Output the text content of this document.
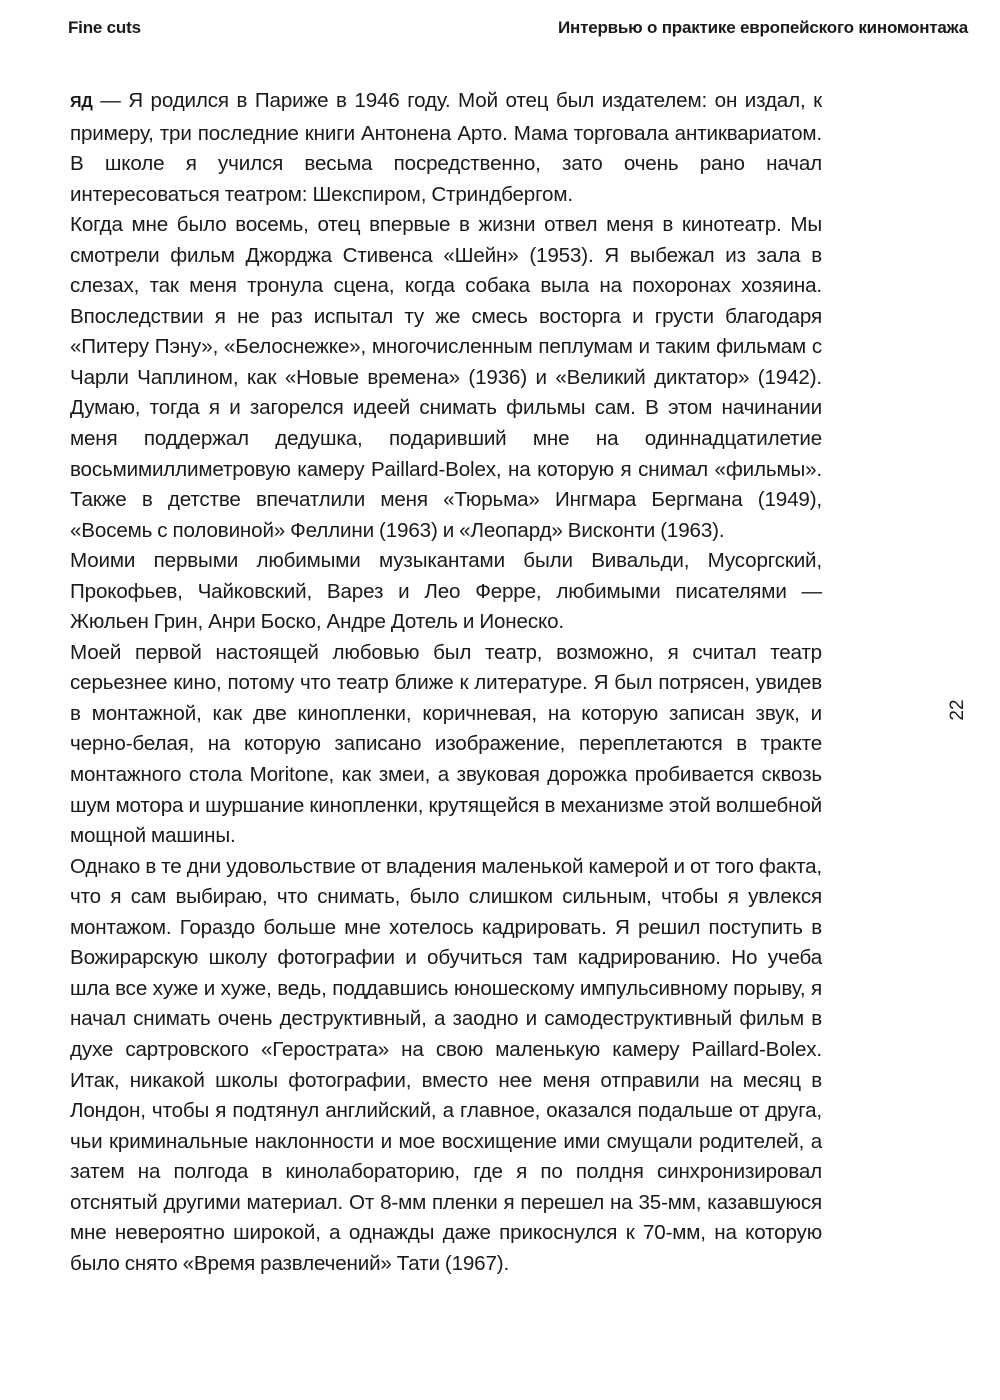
Fine cuts	Интервью о практике европейского киномонтажа

ЯД — Я родился в Париже в 1946 году. Мой отец был издателем: он издал, к примеру, три последние книги Антонена Арто. Мама торговала антиквариатом. В школе я учился весьма посредственно, зато очень рано начал интересоваться театром: Шекспиром, Стриндбергом.

Когда мне было восемь, отец впервые в жизни отвел меня в кинотеатр. Мы смотрели фильм Джорджа Стивенса «Шейн» (1953). Я выбежал из зала в слезах, так меня тронула сцена, когда собака выла на похоронах хозяина. Впоследствии я не раз испытал ту же смесь восторга и грусти благодаря «Питеру Пэну», «Белоснежке», многочисленным пеплумам и таким фильмам с Чарли Чаплином, как «Новые времена» (1936) и «Великий диктатор» (1942). Думаю, тогда я и загорелся идеей снимать фильмы сам. В этом начинании меня поддержал дедушка, подаривший мне на одиннадцатилетие восьмимиллиметровую камеру Paillard-Bolex, на которую я снимал «фильмы». Также в детстве впечатлили меня «Тюрьма» Ингмара Бергмана (1949), «Восемь с половиной» Феллини (1963) и «Леопард» Висконти (1963).

Моими первыми любимыми музыкантами были Вивальди, Мусоргский, Прокофьев, Чайковский, Варез и Лео Ферре, любимыми писателями — Жюльен Грин, Анри Боско, Андре Дотель и Ионеско.

Моей первой настоящей любовью был театр, возможно, я считал театр серьезнее кино, потому что театр ближе к литературе. Я был потрясен, увидев в монтажной, как две кинопленки, коричневая, на которую записан звук, и черно-белая, на которую записано изображение, переплетаются в тракте монтажного стола Moritone, как змеи, а звуковая дорожка пробивается сквозь шум мотора и шуршание кинопленки, крутящейся в механизме этой волшебной мощной машины.

Однако в те дни удовольствие от владения маленькой камерой и от того факта, что я сам выбираю, что снимать, было слишком сильным, чтобы я увлекся монтажом. Гораздо больше мне хотелось кадрировать. Я решил поступить в Вожирарскую школу фотографии и обучиться там кадрированию. Но учеба шла все хуже и хуже, ведь, поддавшись юношескому импульсивному порыву, я начал снимать очень деструктивный, а заодно и самодеструктивный фильм в духе сартровского «Герострата» на свою маленькую камеру Paillard-Bolex. Итак, никакой школы фотографии, вместо нее меня отправили на месяц в Лондон, чтобы я подтянул английский, а главное, оказался подальше от друга, чьи криминальные наклонности и мое восхищение ими смущали родителей, а затем на полгода в кинолабораторию, где я по полдня синхронизировал отснятый другими материал. От 8-мм пленки я перешел на 35-мм, казавшуюся мне невероятно широкой, а однажды даже прикоснулся к 70-мм, на которую было снято «Время развлечений» Тати (1967).

22
